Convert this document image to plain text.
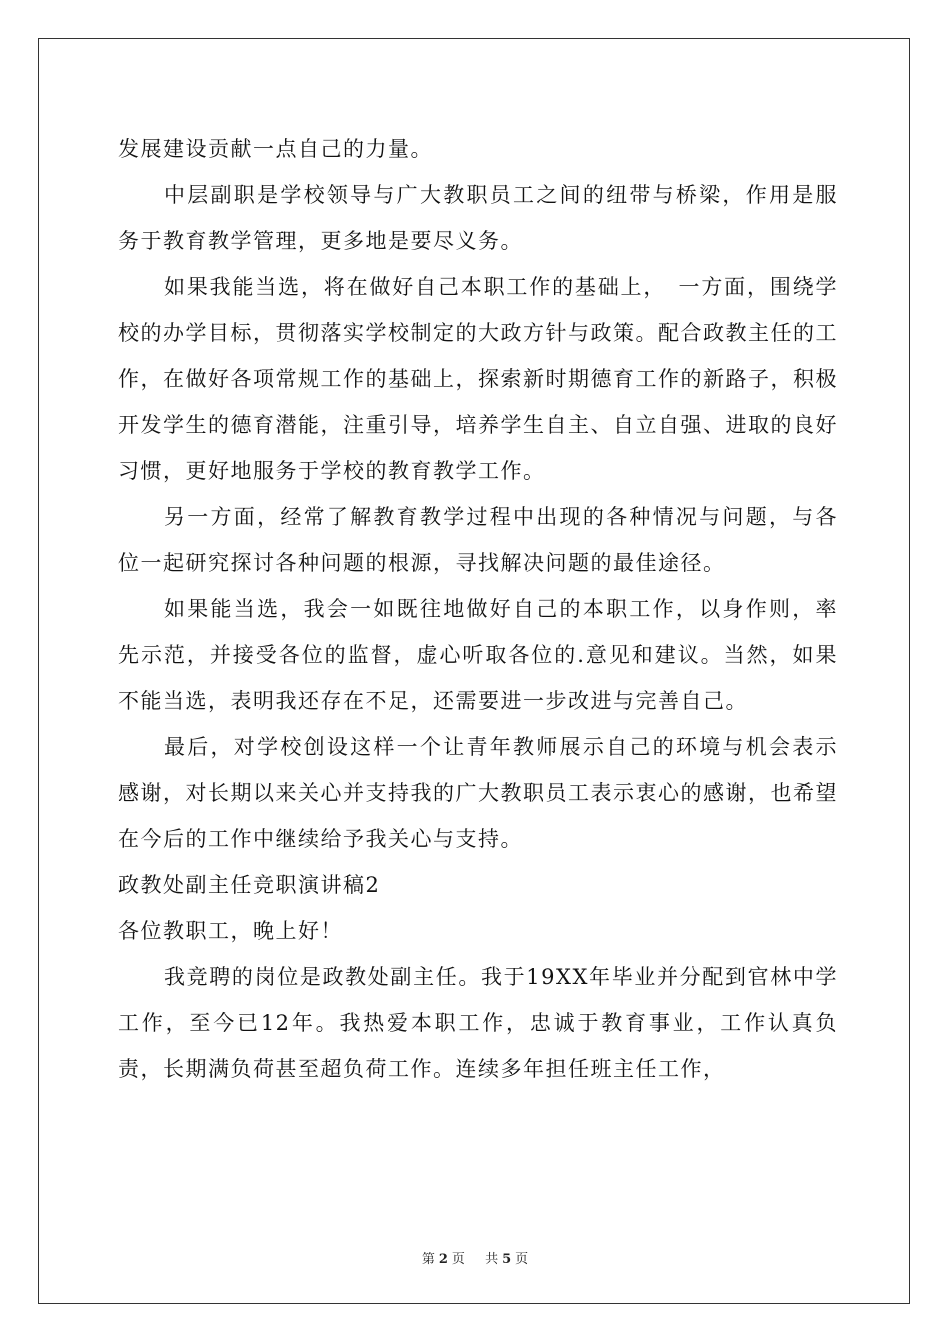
发展建设贡献一点自己的力量。

中层副职是学校领导与广大教职员工之间的纽带与桥梁，作用是服务于教育教学管理，更多地是要尽义务。

如果我能当选，将在做好自己本职工作的基础上，　一方面，围绕学校的办学目标，贯彻落实学校制定的大政方针与政策。配合政教主任的工作，在做好各项常规工作的基础上，探索新时期德育工作的新路子，积极开发学生的德育潜能，注重引导，培养学生自主、自立自强、进取的良好习惯，更好地服务于学校的教育教学工作。

另一方面，经常了解教育教学过程中出现的各种情况与问题，与各位一起研究探讨各种问题的根源，寻找解决问题的最佳途径。

如果能当选，我会一如既往地做好自己的本职工作，以身作则，率先示范，并接受各位的监督，虚心听取各位的.意见和建议。当然，如果不能当选，表明我还存在不足，还需要进一步改进与完善自己。

最后，对学校创设这样一个让青年教师展示自己的环境与机会表示感谢，对长期以来关心并支持我的广大教职员工表示衷心的感谢，也希望在今后的工作中继续给予我关心与支持。

政教处副主任竞职演讲稿2

各位教职工，晚上好！

我竞聘的岗位是政教处副主任。我于19XX年毕业并分配到官林中学工作，至今已12年。我热爱本职工作，忠诚于教育事业，工作认真负责，长期满负荷甚至超负荷工作。连续多年担任班主任工作，

第 2 页 共 5 页
